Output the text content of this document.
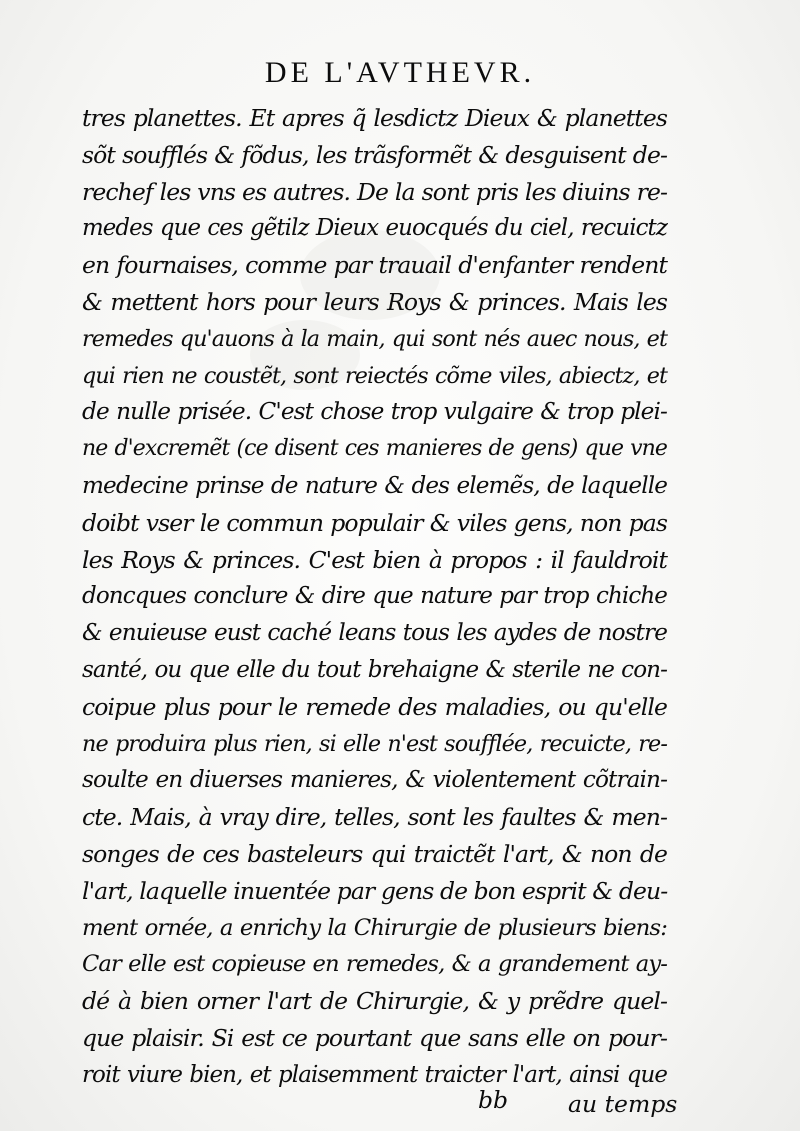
DE L'AVTHEVR.
tres planettes. Et apres q̃ lesdictz Dieux & planettes
sõt soufflés & fõdus, les trãsformẽt & desguisent de-
rechef les vns es autres. De la sont pris les diuins re-
medes que ces gẽtilz Dieux euocqués du ciel, recuictz
en fournaises, comme par trauail d'enfanter rendent
& mettent hors pour leurs Roys & princes. Mais les
remedes qu'auons à la main, qui sont nés auec nous, et
qui rien ne coustẽt, sont reiectés cõme viles, abiectz, et
de nulle prisée. C'est chose trop vulgaire & trop plei-
ne d'excremẽt (ce disent ces manieres de gens) que vne
medecine prinse de nature & des elemẽs, de laquelle
doibt vser le commun populair & viles gens, non pas
les Roys & princes. C'est bien à propos : il fauldroit
doncques conclure & dire que nature par trop chiche
& enuieuse eust caché leans tous les aydes de nostre
santé, ou que elle du tout brehaigne & sterile ne con-
coipue plus pour le remede des maladies, ou qu'elle
ne produira plus rien, si elle n'est soufflée, recuicte, re-
soulte en diuerses manieres, & violentement cõtrain-
cte. Mais, à vray dire, telles, sont les faultes & men-
songes de ces basteleurs qui traictẽt l'art, & non de
l'art, laquelle inuentée par gens de bon esprit & deu-
ment ornée, a enrichy la Chirurgie de plusieurs biens:
Car elle est copieuse en remedes, & a grandement ay-
dé à bien orner l'art de Chirurgie, & y prẽdre quel-
que plaisir. Si est ce pourtant que sans elle on pour-
roit viure bien, et plaisemment traicter l'art, ainsi que
bb	au temps
